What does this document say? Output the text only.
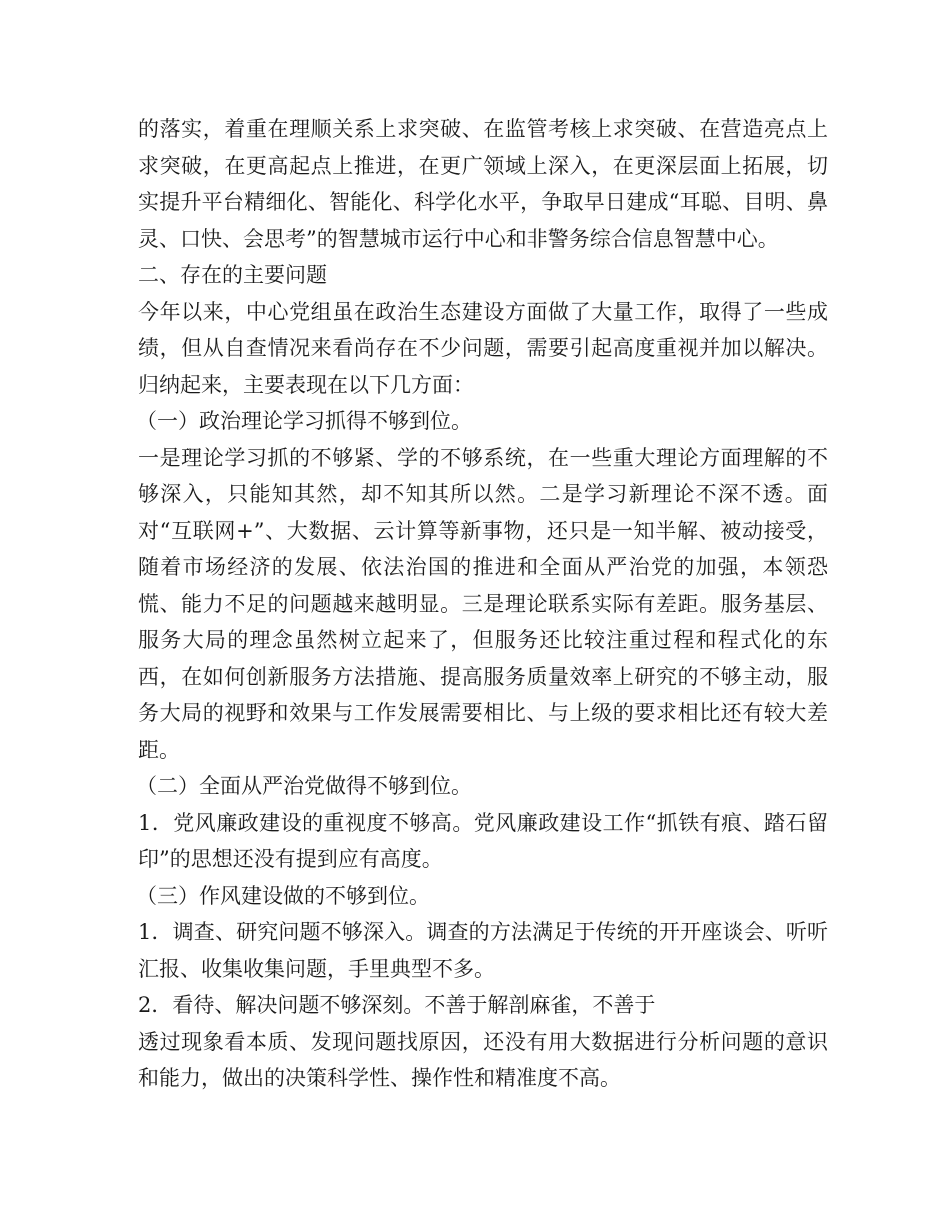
的落实，着重在理顺关系上求突破、在监管考核上求突破、在营造亮点上求突破，在更高起点上推进，在更广领域上深入，在更深层面上拓展，切实提升平台精细化、智能化、科学化水平，争取早日建成“耳聪、目明、鼻灵、口快、会思考”的智慧城市运行中心和非警务综合信息智慧中心。

二、存在的主要问题

今年以来，中心党组虽在政治生态建设方面做了大量工作，取得了一些成绩，但从自查情况来看尚存在不少问题，需要引起高度重视并加以解决。归纳起来，主要表现在以下几方面：

（一）政治理论学习抓得不够到位。

一是理论学习抓的不够紧、学的不够系统，在一些重大理论方面理解的不够深入，只能知其然，却不知其所以然。二是学习新理论不深不透。面对“互联网+”、大数据、云计算等新事物，还只是一知半解、被动接受，随着市场经济的发展、依法治国的推进和全面从严治党的加强，本领恐慌、能力不足的问题越来越明显。三是理论联系实际有差距。服务基层、服务大局的理念虽然树立起来了，但服务还比较注重过程和程式化的东西，在如何创新服务方法措施、提高服务质量效率上研究的不够主动，服务大局的视野和效果与工作发展需要相比、与上级的要求相比还有较大差距。

（二）全面从严治党做得不够到位。

1．党风廉政建设的重视度不够高。党风廉政建设工作“抓铁有痕、踏石留印”的思想还没有提到应有高度。

（三）作风建设做的不够到位。

1．调查、研究问题不够深入。调查的方法满足于传统的开开座谈会、听听汇报、收集收集问题，手里典型不多。

2．看待、解决问题不够深刻。不善于解剖麻雀，不善于

透过现象看本质、发现问题找原因，还没有用大数据进行分析问题的意识和能力，做出的决策科学性、操作性和精准度不高。
